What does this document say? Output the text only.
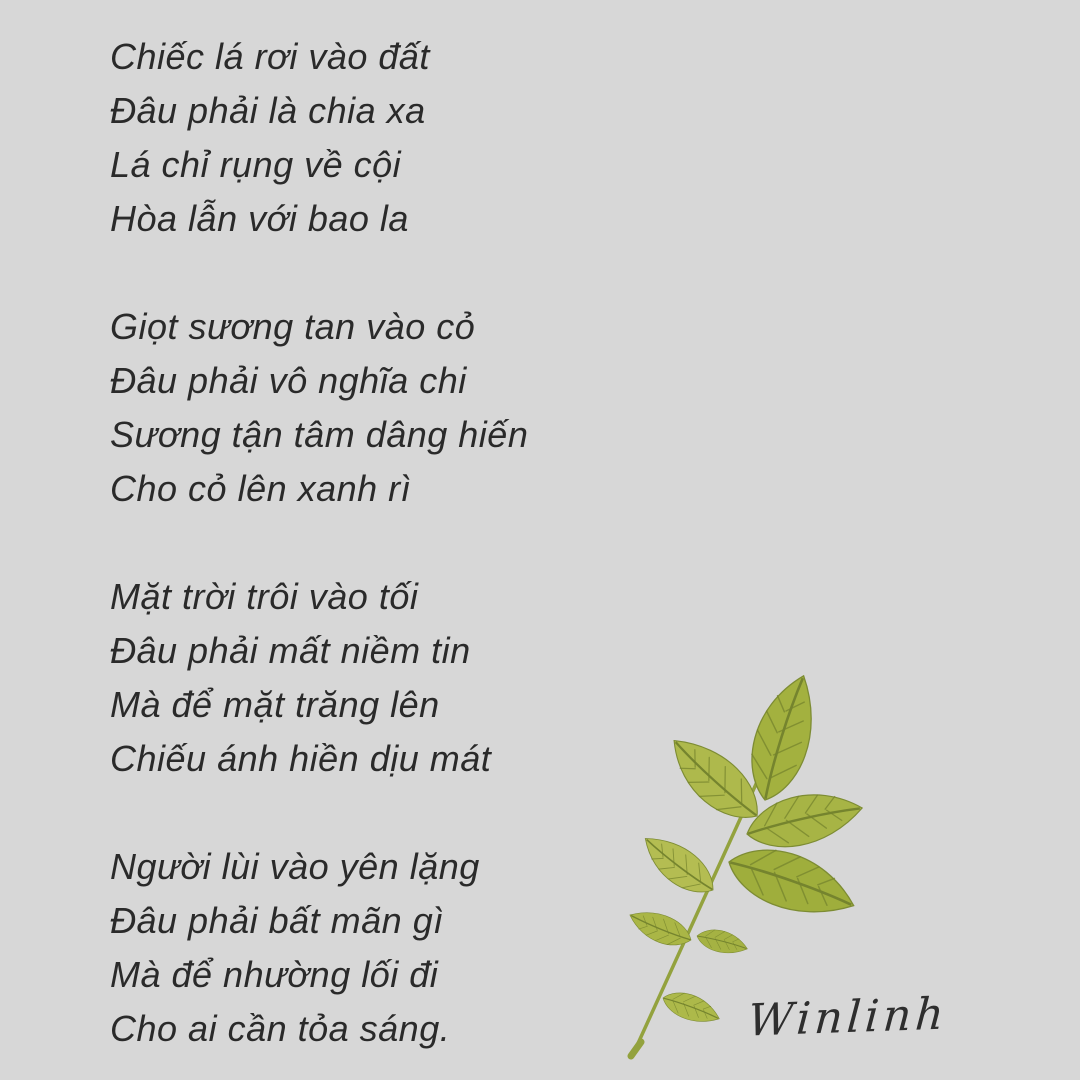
Chiếc lá rơi vào đất

Đâu phải là chia xa

Lá chỉ rụng về cội

Hòa lẫn với bao la

Giọt sương tan vào cỏ

Đâu phải vô nghĩa chi

Sương tận tâm dâng hiến

Cho cỏ lên xanh rì

Mặt trời trôi vào tối

Đâu phải mất niềm tin

Mà để mặt trăng lên

Chiếu ánh hiền dịu mát

Người lùi vào yên lặng

Đâu phải bất mãn gì

Mà để nhường lối đi

Cho ai cần tỏa sáng.	Winlinh
